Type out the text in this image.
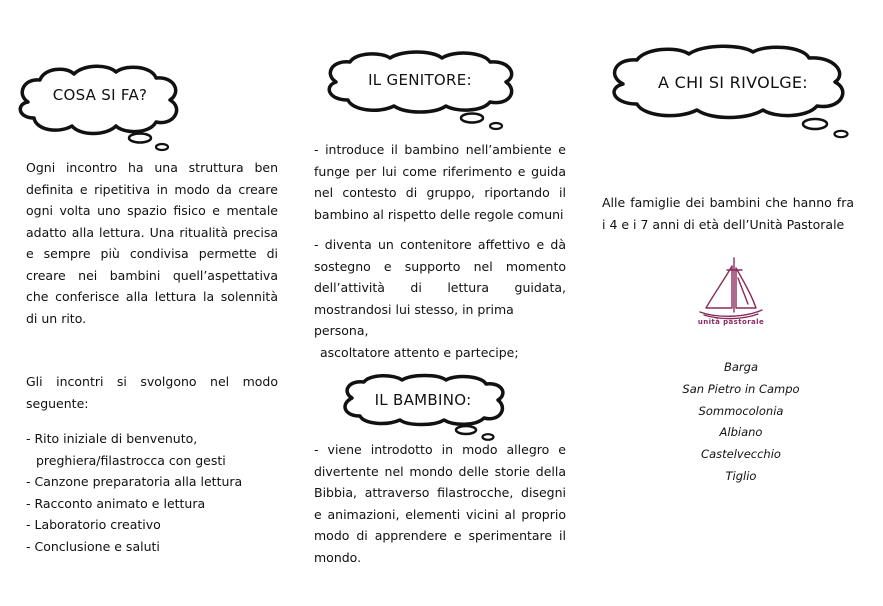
COSA SI FA?

Ogni incontro ha una struttura ben definita e ripetitiva in modo da creare ogni volta uno spazio fisico e mentale adatto alla lettura. Una ritualità precisa e sempre più condivisa permette di creare nei bambini quell’aspettativa che conferisce alla lettura la solennità di un rito.

Gli incontri si svolgono nel modo seguente:

- Rito iniziale di benvenuto,
preghiera/filastrocca con gesti
- Canzone preparatoria alla lettura
- Racconto animato e lettura
- Laboratorio creativo
- Conclusione e saluti
IL GENITORE:

- introduce il bambino nell’ambiente e funge per lui come riferimento e guida nel contesto di gruppo, riportando il bambino al rispetto delle regole comuni

- diventa un contenitore affettivo e dà sostegno e supporto nel momento dell’attività di lettura guidata,

mostrandosi lui stesso, in prima persona,

ascoltatore attento e partecipe;

IL BAMBINO:

- viene introdotto in modo allegro e divertente nel mondo delle storie della Bibbia, attraverso filastrocche, disegni e animazioni, elementi vicini al proprio modo di apprendere e sperimentare il mondo.

A CHI SI RIVOLGE:

Alle famiglie dei bambini che hanno fra i 4 e i 7 anni di età dell’Unità Pastorale

unità pastorale
Barga
San Pietro in Campo
Sommocolonia
Albiano
Castelvecchio
Tiglio
